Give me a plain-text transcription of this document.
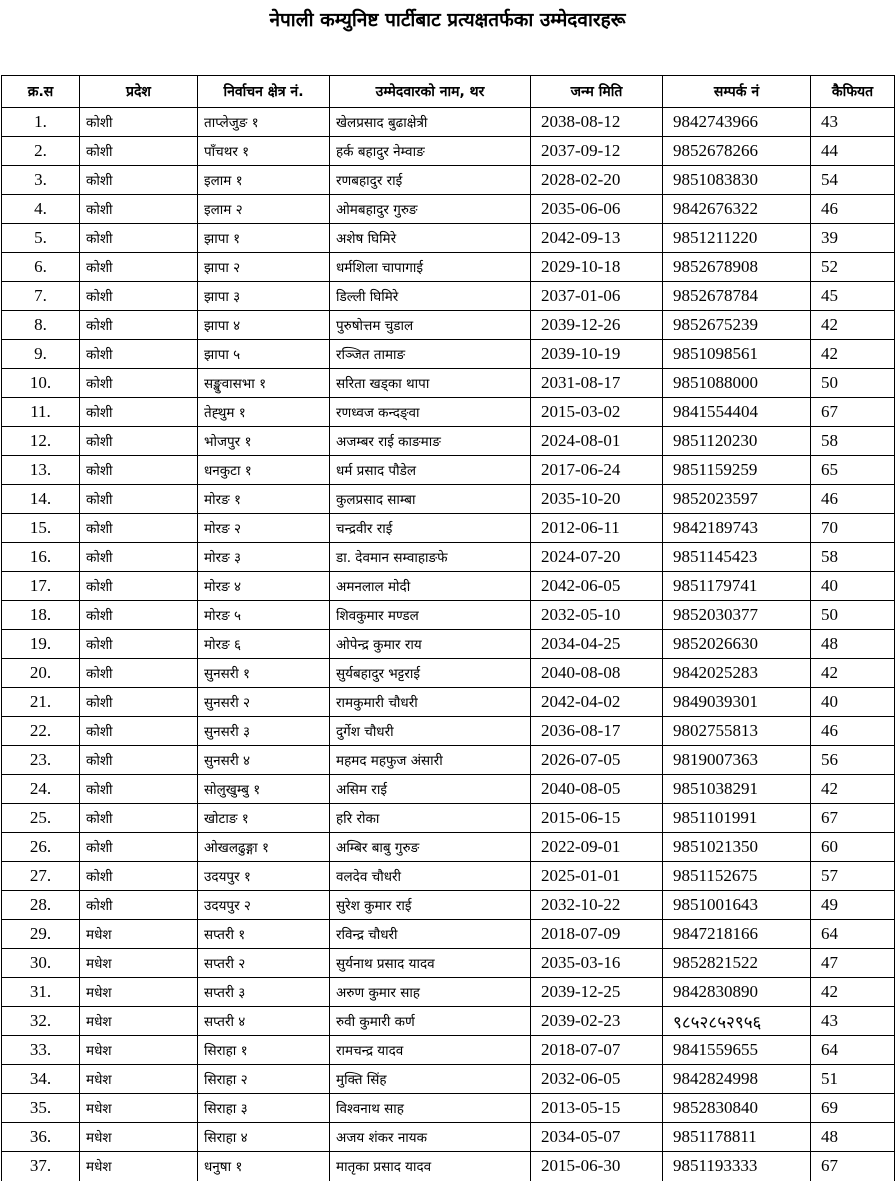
नेपाली कम्युनिष्ट पार्टीबाट प्रत्यक्षतर्फका उम्मेदवारहरू
क्र.स	प्रदेश	निर्वाचन क्षेत्र नं.	उम्मेदवारको नाम, थर	जन्म मिति	सम्पर्क नं	कैफियत
1.	कोशी	ताप्लेजुङ १	खेलप्रसाद बुढाक्षेत्री	2038-08-12	9842743966	43
2.	कोशी	पाँचथर १	हर्क बहादुर नेम्वाङ	2037-09-12	9852678266	44
3.	कोशी	इलाम १	रणबहादुर राई	2028-02-20	9851083830	54
4.	कोशी	इलाम २	ओमबहादुर गुरुङ	2035-06-06	9842676322	46
5.	कोशी	झापा १	अशेष घिमिरे	2042-09-13	9851211220	39
6.	कोशी	झापा २	धर्मशिला चापागाई	2029-10-18	9852678908	52
7.	कोशी	झापा ३	डिल्ली घिमिरे	2037-01-06	9852678784	45
8.	कोशी	झापा ४	पुरुषोत्तम चुडाल	2039-12-26	9852675239	42
9.	कोशी	झापा ५	रञ्जित तामाङ	2039-10-19	9851098561	42
10.	कोशी	सङ्खुवासभा १	सरिता खड्का थापा	2031-08-17	9851088000	50
11.	कोशी	तेह्थुम १	रणध्वज कन्दङ्वा	2015-03-02	9841554404	67
12.	कोशी	भोजपुर १	अजम्बर राई काङमाङ	2024-08-01	9851120230	58
13.	कोशी	धनकुटा १	धर्म प्रसाद पौडेल	2017-06-24	9851159259	65
14.	कोशी	मोरङ १	कुलप्रसाद साम्बा	2035-10-20	9852023597	46
15.	कोशी	मोरङ २	चन्द्रवीर राई	2012-06-11	9842189743	70
16.	कोशी	मोरङ ३	डा. देवमान सम्वाहाङफे	2024-07-20	9851145423	58
17.	कोशी	मोरङ ४	अमनलाल मोदी	2042-06-05	9851179741	40
18.	कोशी	मोरङ ५	शिवकुमार मण्डल	2032-05-10	9852030377	50
19.	कोशी	मोरङ ६	ओपेन्द्र कुमार राय	2034-04-25	9852026630	48
20.	कोशी	सुनसरी १	सुर्यबहादुर भट्टराई	2040-08-08	9842025283	42
21.	कोशी	सुनसरी २	रामकुमारी चौधरी	2042-04-02	9849039301	40
22.	कोशी	सुनसरी ३	दुर्गेश चौधरी	2036-08-17	9802755813	46
23.	कोशी	सुनसरी ४	महमद महफुज अंसारी	2026-07-05	9819007363	56
24.	कोशी	सोलुखुम्बु १	असिम राई	2040-08-05	9851038291	42
25.	कोशी	खोटाङ १	हरि रोका	2015-06-15	9851101991	67
26.	कोशी	ओखलढुङ्गा १	अम्बिर बाबु गुरुङ	2022-09-01	9851021350	60
27.	कोशी	उदयपुर १	वलदेव चौधरी	2025-01-01	9851152675	57
28.	कोशी	उदयपुर २	सुरेश कुमार राई	2032-10-22	9851001643	49
29.	मधेश	सप्तरी १	रविन्द्र चौधरी	2018-07-09	9847218166	64
30.	मधेश	सप्तरी २	सुर्यनाथ प्रसाद यादव	2035-03-16	9852821522	47
31.	मधेश	सप्तरी ३	अरुण कुमार साह	2039-12-25	9842830890	42
32.	मधेश	सप्तरी ४	रुवी कुमारी कर्ण	2039-02-23	९८५२८५२९५६	43
33.	मधेश	सिराहा १	रामचन्द्र यादव	2018-07-07	9841559655	64
34.	मधेश	सिराहा २	मुक्ति सिंह	2032-06-05	9842824998	51
35.	मधेश	सिराहा ३	विश्वनाथ साह	2013-05-15	9852830840	69
36.	मधेश	सिराहा ४	अजय शंकर नायक	2034-05-07	9851178811	48
37.	मधेश	धनुषा १	मातृका प्रसाद यादव	2015-06-30	9851193333	67
